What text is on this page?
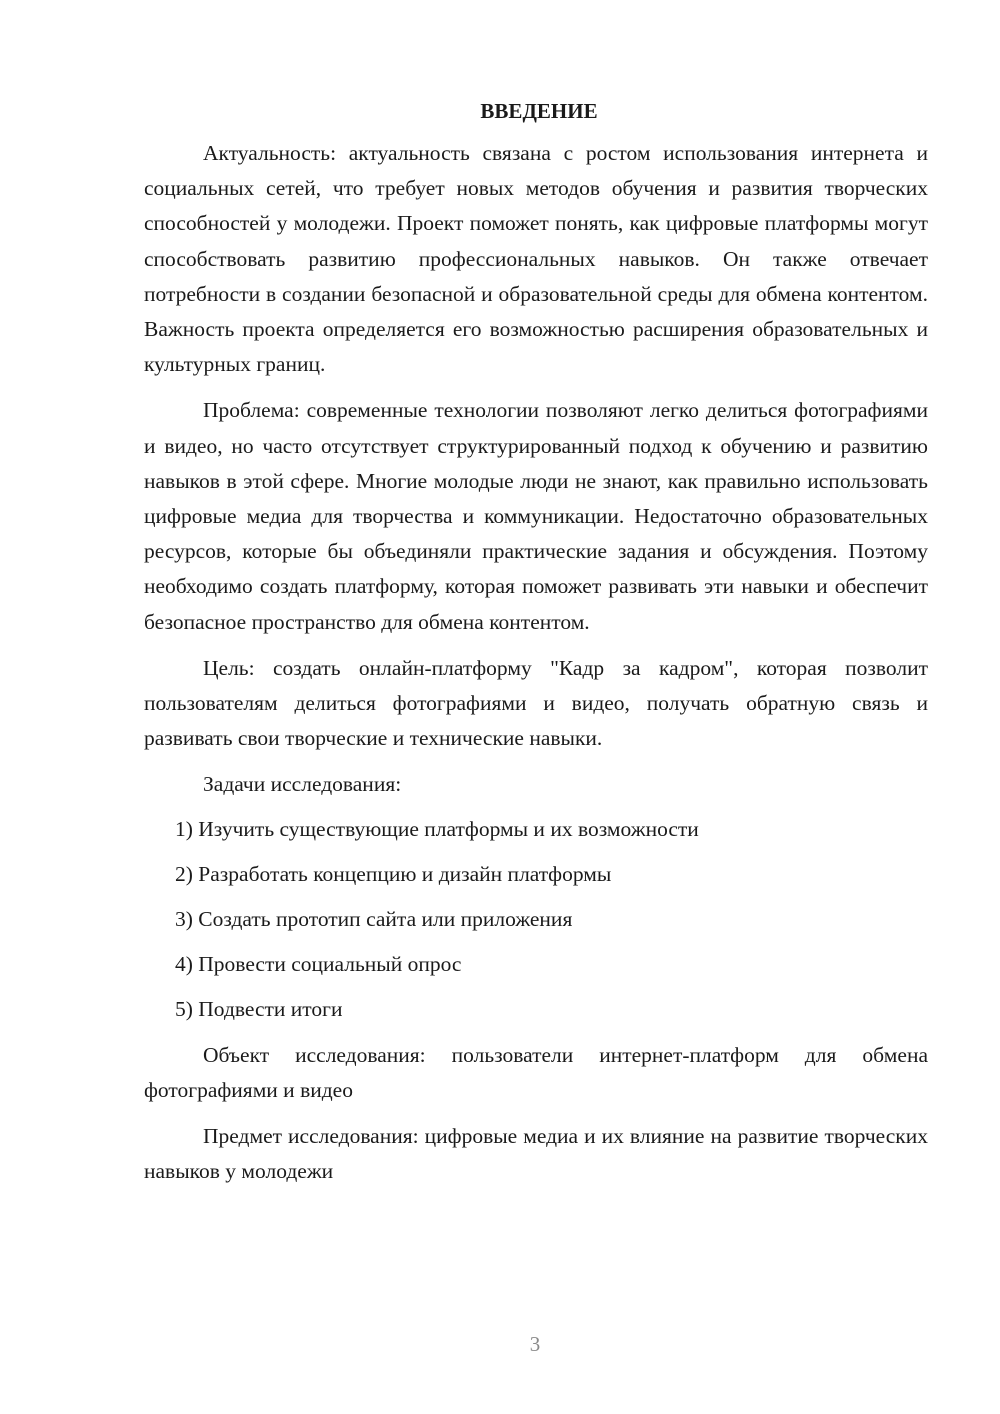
ВВЕДЕНИЕ

Актуальность: актуальность связана с ростом использования интернета и социальных сетей, что требует новых методов обучения и развития творческих способностей у молодежи. Проект поможет понять, как цифровые платформы могут способствовать развитию профессиональных навыков. Он также отвечает потребности в создании безопасной и образовательной среды для обмена контентом. Важность проекта определяется его возможностью расширения образовательных и культурных границ.

Проблема: современные технологии позволяют легко делиться фотографиями и видео, но часто отсутствует структурированный подход к обучению и развитию навыков в этой сфере. Многие молодые люди не знают, как правильно использовать цифровые медиа для творчества и коммуникации. Недостаточно образовательных ресурсов, которые бы объединяли практические задания и обсуждения. Поэтому необходимо создать платформу, которая поможет развивать эти навыки и обеспечит безопасное пространство для обмена контентом.

Цель: создать онлайн-платформу "Кадр за кадром", которая позволит пользователям делиться фотографиями и видео, получать обратную связь и развивать свои творческие и технические навыки.

Задачи исследования:

1) Изучить существующие платформы и их возможности
2) Разработать концепцию и дизайн платформы
3) Создать прототип сайта или приложения
4) Провести социальный опрос
5) Подвести итоги

Объект исследования: пользователи интернет-платформ для обмена фотографиями и видео

Предмет исследования: цифровые медиа и их влияние на развитие творческих навыков у молодежи

3
